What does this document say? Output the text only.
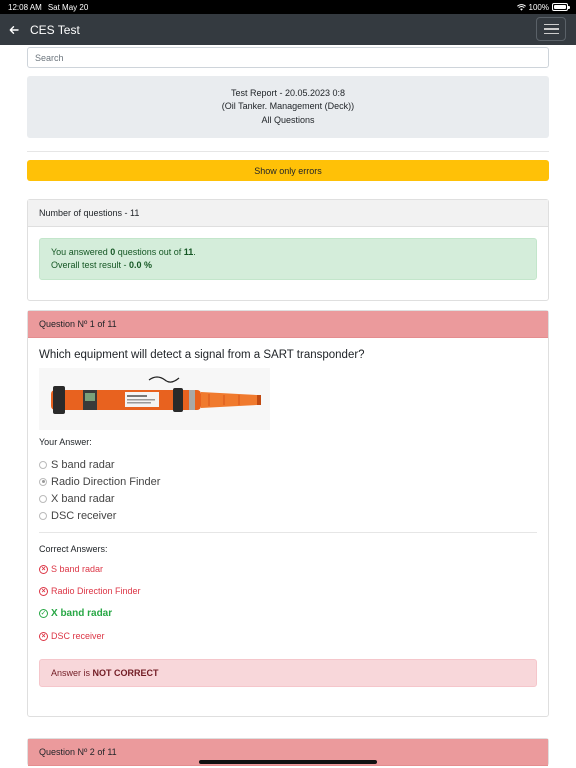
12:08 AM Sat May 20	100%
CES Test
Search
Test Report - 20.05.2023 0:8
(Oil Tanker. Management (Deck))
All Questions
Show only errors
Number of questions - 11
You answered 0 questions out of 11.
Overall test result - 0.0 %
Question Nº 1 of 11
Which equipment will detect a signal from a SART transponder?
Your Answer:
S band radar
Radio Direction Finder
X band radar
DSC receiver
Correct Answers:
× S band radar
× Radio Direction Finder
✓ X band radar
× DSC receiver
Answer is
NOT CORRECT
Question Nº 2 of 11
